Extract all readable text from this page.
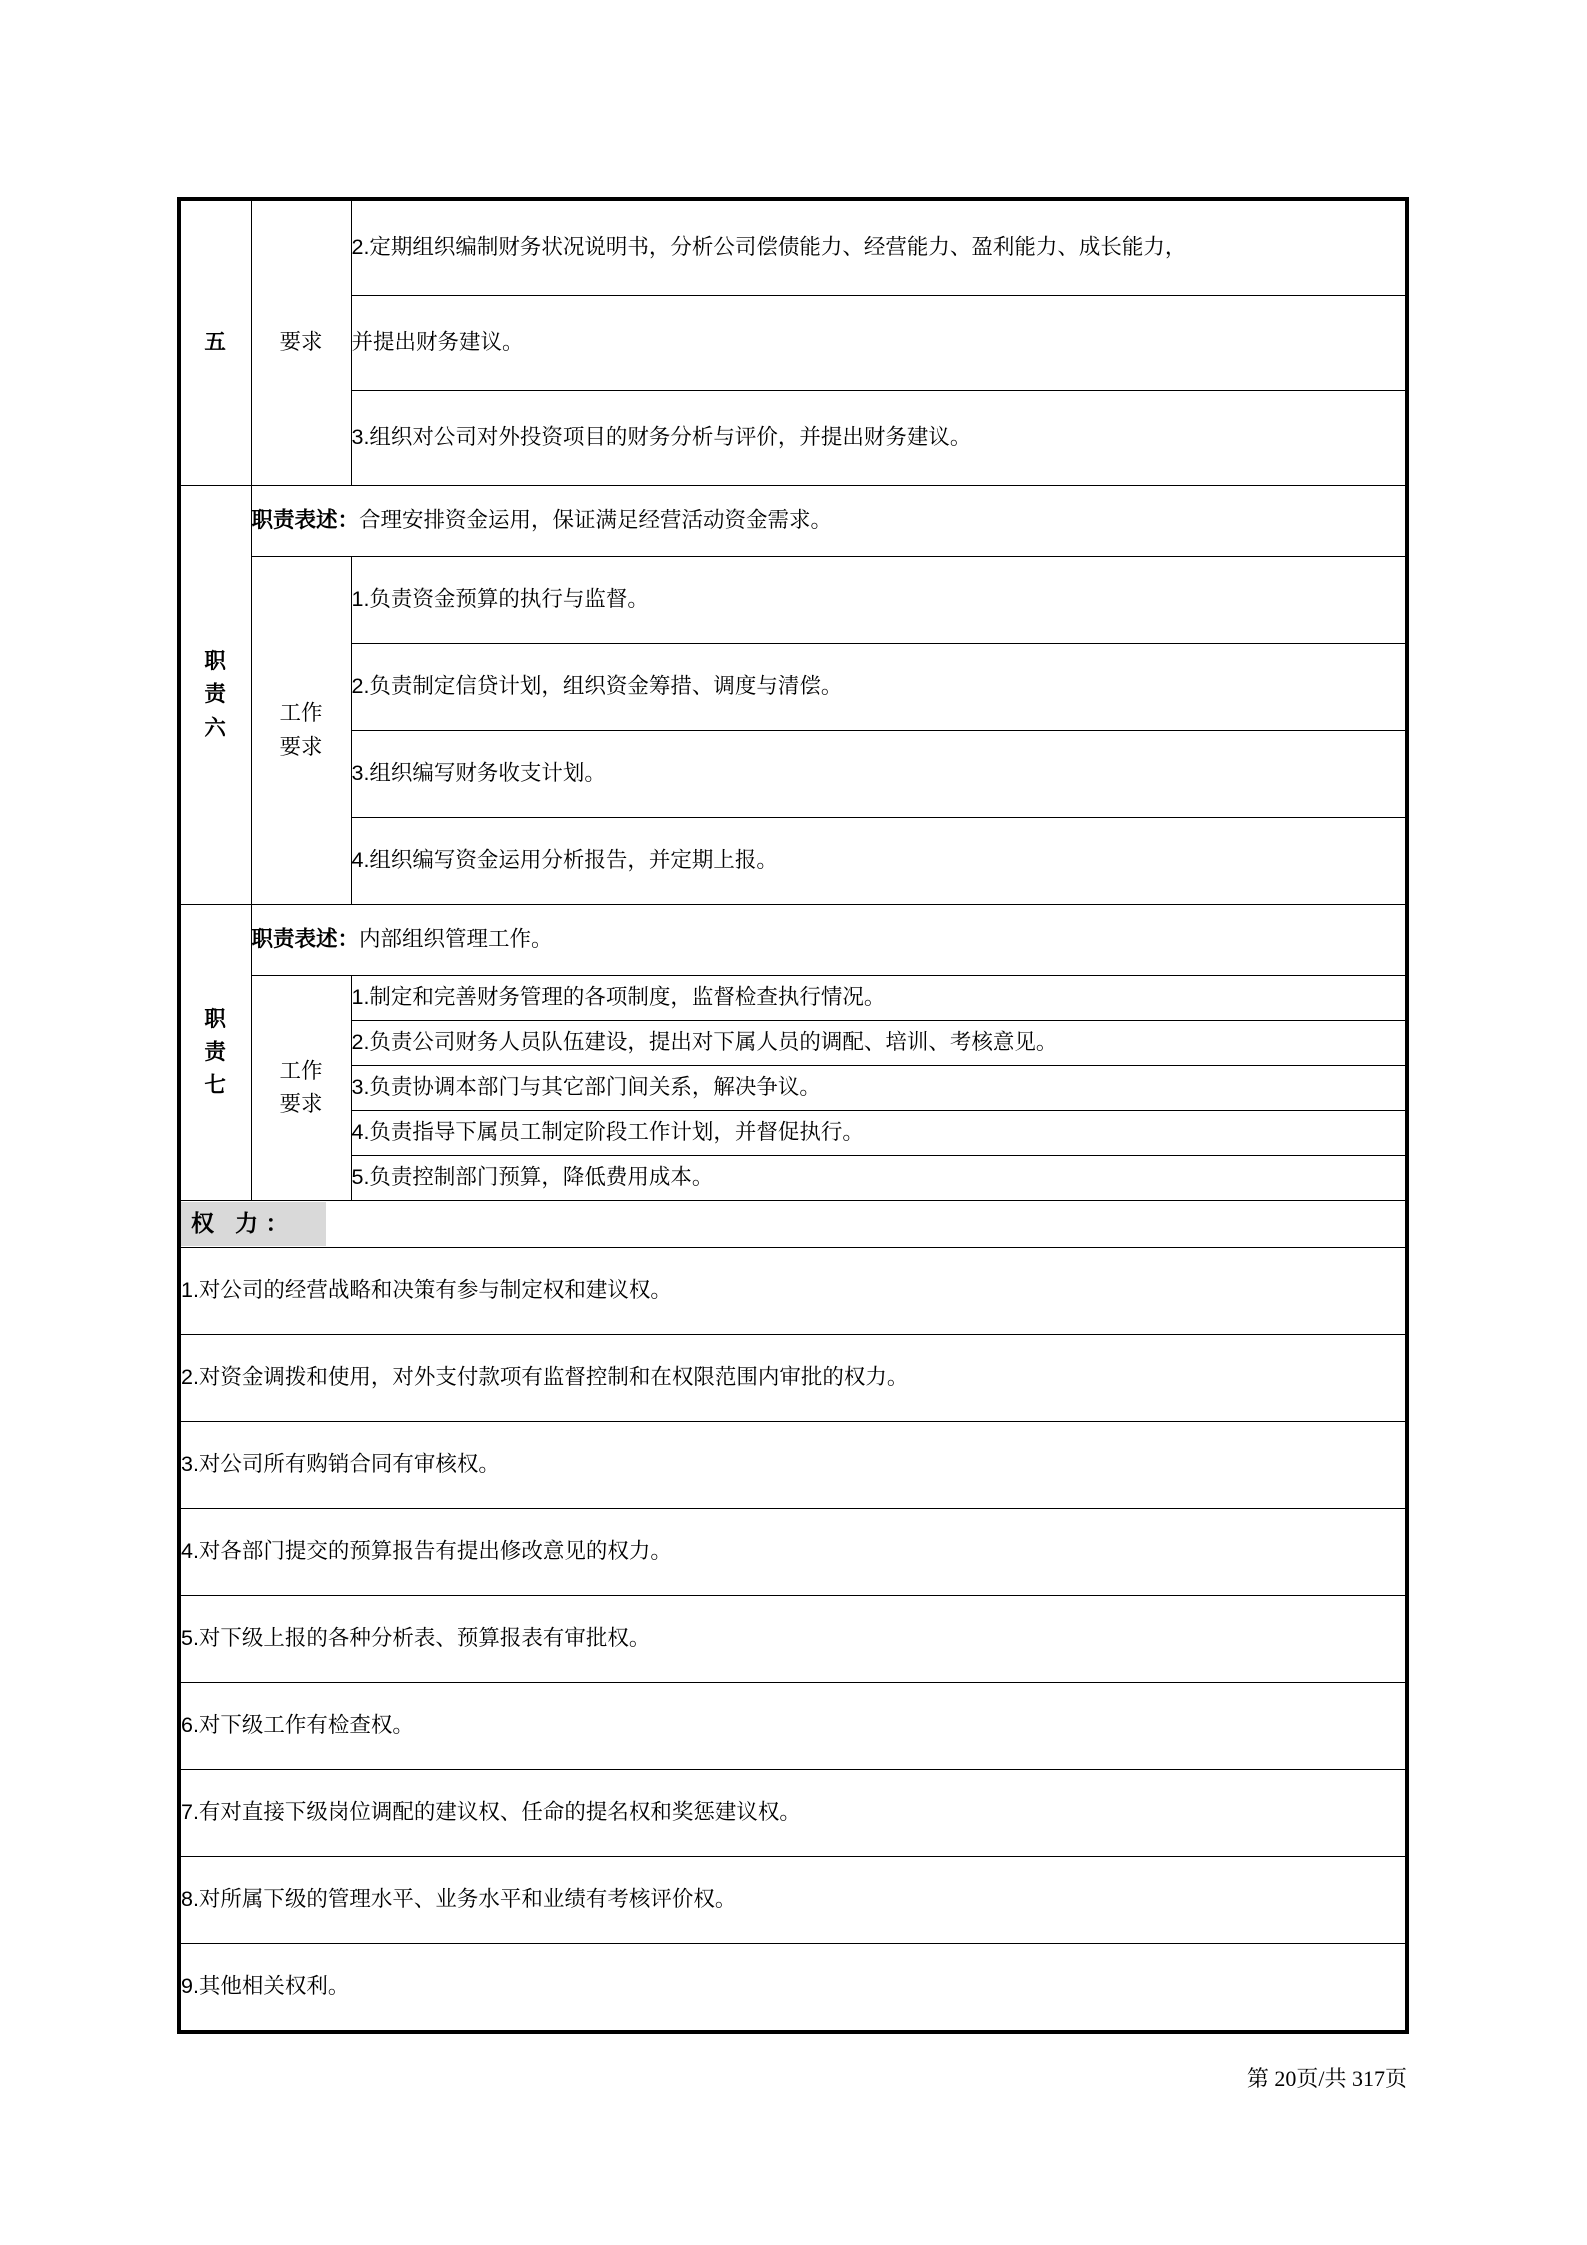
五	要求	2.定期组织编制财务状况说明书，分析公司偿债能力、经营能力、盈利能力、成长能力，
		并提出财务建议。
		3.组织对公司对外投资项目的财务分析与评价，并提出财务建议。

职
责
六	职责表述：合理安排资金运用，保证满足经营活动资金需求。	

	工作
要求	1.负责资金预算的执行与监督。
		2.负责制定信贷计划，组织资金筹措、调度与清偿。
		3.组织编写财务收支计划。
		4.组织编写资金运用分析报告，并定期上报。

职
责
七	职责表述：内部组织管理工作。	

	工作
要求	1.制定和完善财务管理的各项制度，监督检查执行情况。
		2.负责公司财务人员队伍建设，提出对下属人员的调配、培训、考核意见。
		3.负责协调本部门与其它部门间关系，解决争议。
		4.负责指导下属员工制定阶段工作计划，并督促执行。
		5.负责控制部门预算，降低费用成本。
权 力：		
1.对公司的经营战略和决策有参与制定权和建议权。		
2.对资金调拨和使用，对外支付款项有监督控制和在权限范围内审批的权力。		
3.对公司所有购销合同有审核权。		
4.对各部门提交的预算报告有提出修改意见的权力。		
5.对下级上报的各种分析表、预算报表有审批权。		
6.对下级工作有检查权。		
7.有对直接下级岗位调配的建议权、任命的提名权和奖惩建议权。		
8.对所属下级的管理水平、业务水平和业绩有考核评价权。		
9.其他相关权利。		
第 20页/共 317页
